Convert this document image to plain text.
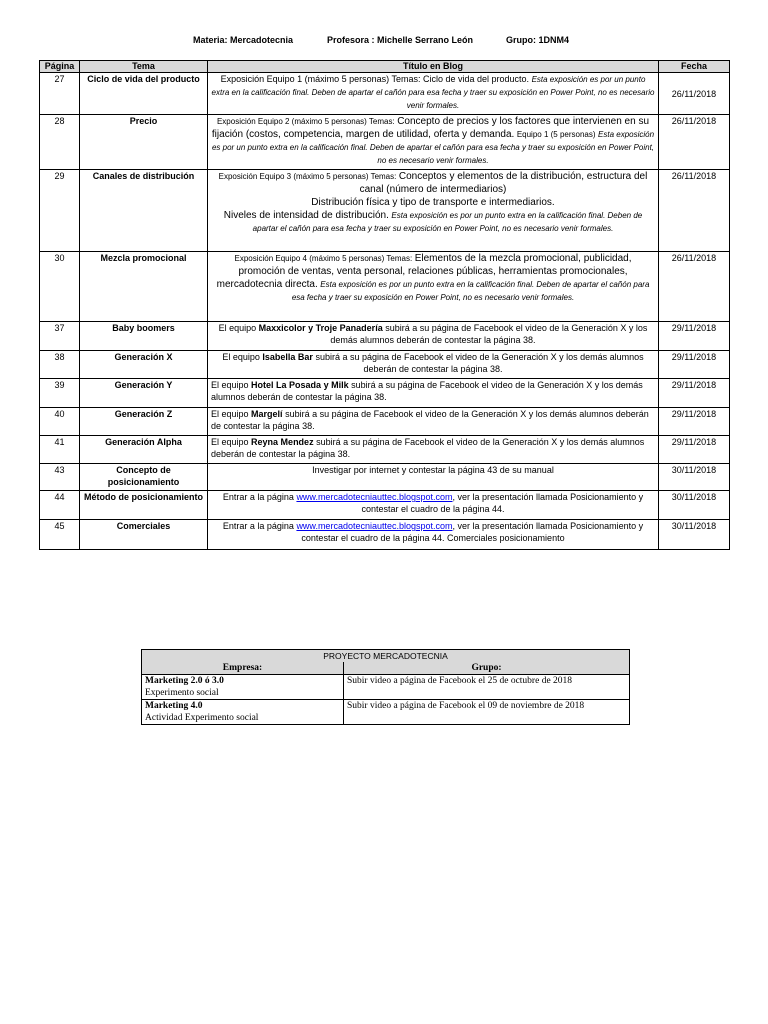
Materia: Mercadotecnia	Profesora : Michelle Serrano León	Grupo: 1DNM4
Página	Tema	Título en Blog	Fecha
27	Ciclo de vida del producto	Exposición Equipo 1 (máximo 5 personas) Temas: Ciclo de vida del producto. Esta exposición es por un punto extra en la calificación final. Deben de apartar el cañón para esa fecha y traer su exposición en Power Point, no es necesario venir formales.	26/11/2018
28	Precio	Exposición Equipo 2 (máximo 5 personas) Temas: Concepto de precios y los factores que intervienen en su fijación (costos, competencia, margen de utilidad, oferta y demanda. Equipo 1 (5 personas) Esta exposición es por un punto extra en la calificación final. Deben de apartar el cañón para esa fecha y traer su exposición en Power Point, no es necesario venir formales.	26/11/2018
29	Canales de distribución	Exposición Equipo 3 (máximo 5 personas) Temas: Conceptos y elementos de la distribución, estructura del canal (número de intermediarios)
Distribución física y tipo de transporte e intermediarios.
Niveles de intensidad de distribución. Esta exposición es por un punto extra en la calificación final. Deben de apartar el cañón para esa fecha y traer su exposición en Power Point, no es necesario venir formales.	26/11/2018
30	Mezcla promocional	Exposición Equipo 4 (máximo 5 personas) Temas: Elementos de la mezcla promocional, publicidad, promoción de ventas, venta personal, relaciones públicas, herramientas promocionales, mercadotecnia directa. Esta exposición es por un punto extra en la calificación final. Deben de apartar el cañón para esa fecha y traer su exposición en Power Point, no es necesario venir formales.	26/11/2018
37	Baby boomers	El equipo Maxxicolor y Troje Panadería subirá a su página de Facebook el video de la Generación X y los demás alumnos deberán de contestar la página 38.	29/11/2018
38	Generación X	El equipo Isabella Bar subirá a su página de Facebook el video de la Generación X y los demás alumnos deberán de contestar la página 38.	29/11/2018
39	Generación Y	El equipo Hotel La Posada y Milk subirá a su página de Facebook el video de la Generación X y los demás alumnos deberán de contestar la página 38.	29/11/2018
40	Generación Z	El equipo Margelí subirá a su página de Facebook el video de la Generación X y los demás alumnos deberán de contestar la página 38.	29/11/2018
41	Generación Alpha	El equipo Reyna Mendez subirá a su página de Facebook el video de la Generación X y los demás alumnos deberán de contestar la página 38.	29/11/2018
43	Concepto de posicionamiento	Investigar por internet y contestar la página 43 de su manual	30/11/2018
44	Método de posicionamiento	Entrar a la página www.mercadotecniauttec.blogspot.com, ver la presentación llamada Posicionamiento y contestar el cuadro de la página 44.	30/11/2018
45	Comerciales	Entrar a la página www.mercadotecniauttec.blogspot.com, ver la presentación llamada Posicionamiento y contestar el cuadro de la página 44. Comerciales posicionamiento	30/11/2018
PROYECTO MERCADOTECNIA	
Empresa:	Grupo:
Marketing 2.0 ó 3.0
Experimento social	Subir video a página de Facebook el 25 de octubre de 2018
Marketing 4.0
Actividad Experimento social	Subir video a página de Facebook el 09 de noviembre de 2018
